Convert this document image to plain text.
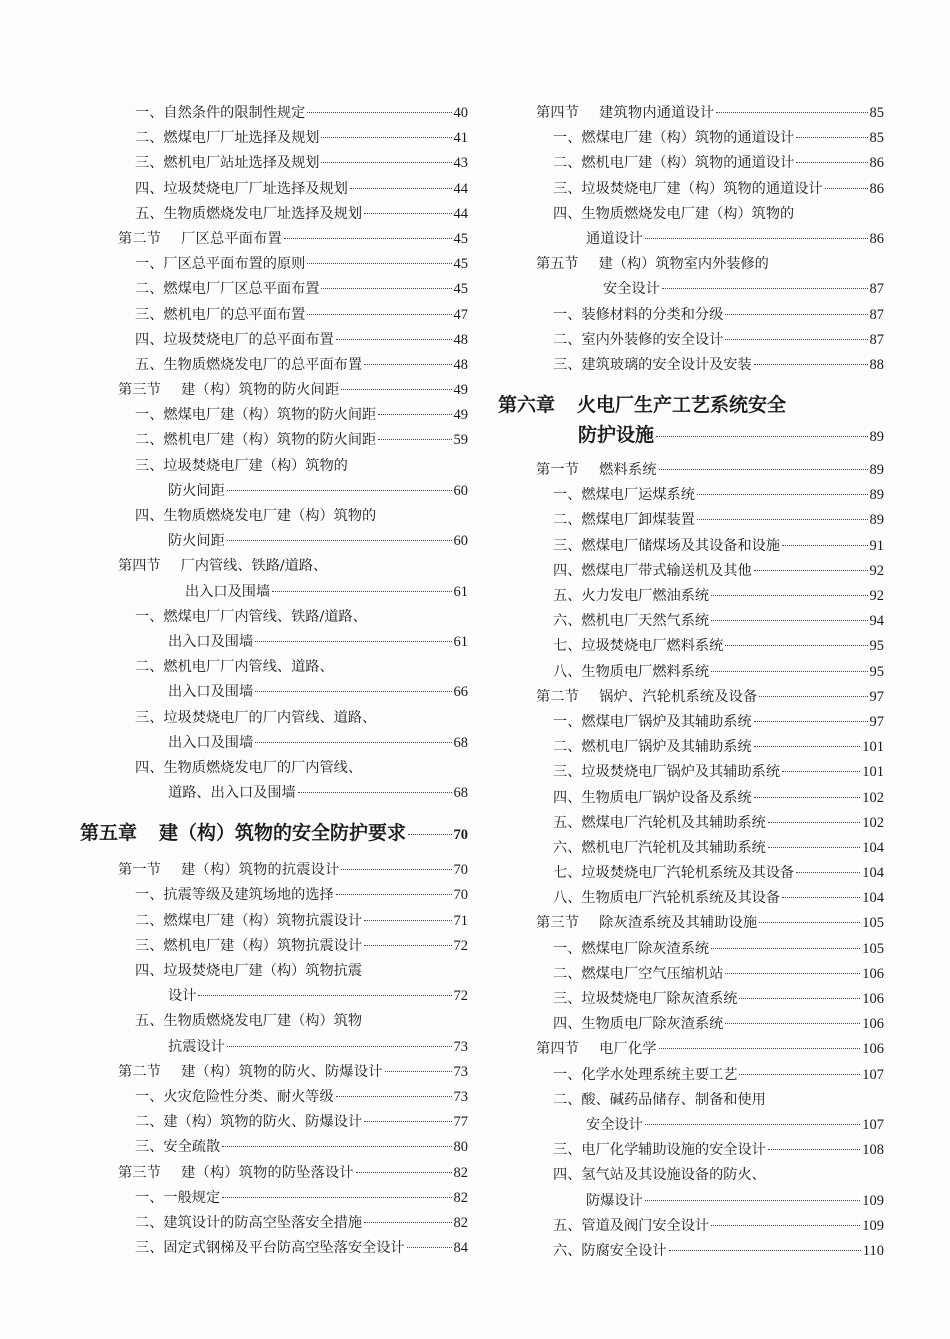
一、自然条件的限制性规定	40
二、燃煤电厂厂址选择及规划	41
三、燃机电厂站址选择及规划	43
四、垃圾焚烧电厂厂址选择及规划	44
五、生物质燃烧发电厂址选择及规划	44
第二节 厂区总平面布置	45
一、厂区总平面布置的原则	45
二、燃煤电厂厂区总平面布置	45
三、燃机电厂的总平面布置	47
四、垃圾焚烧电厂的总平面布置	48
五、生物质燃烧发电厂的总平面布置	48
第三节 建（构）筑物的防火间距	49
一、燃煤电厂建（构）筑物的防火间距	49
二、燃机电厂建（构）筑物的防火间距	59
三、垃圾焚烧电厂建（构）筑物的
防火间距	60
四、生物质燃烧发电厂建（构）筑物的
防火间距	60
第四节 厂内管线、铁路/道路、
出入口及围墙	61
一、燃煤电厂厂内管线、铁路/道路、
出入口及围墙	61
二、燃机电厂厂内管线、道路、
出入口及围墙	66
三、垃圾焚烧电厂的厂内管线、道路、
出入口及围墙	68
四、生物质燃烧发电厂的厂内管线、
道路、出入口及围墙	68
第五章 建（构）筑物的安全防护要求	70
第一节 建（构）筑物的抗震设计	70
一、抗震等级及建筑场地的选择	70
二、燃煤电厂建（构）筑物抗震设计	71
三、燃机电厂建（构）筑物抗震设计	72
四、垃圾焚烧电厂建（构）筑物抗震
设计	72
五、生物质燃烧发电厂建（构）筑物
抗震设计	73
第二节 建（构）筑物的防火、防爆设计	73
一、火灾危险性分类、耐火等级	73
二、建（构）筑物的防火、防爆设计	77
三、安全疏散	80
第三节 建（构）筑物的防坠落设计	82
一、一般规定	82
二、建筑设计的防高空坠落安全措施	82
三、固定式钢梯及平台防高空坠落安全设计	84
第四节 建筑物内通道设计	85
一、燃煤电厂建（构）筑物的通道设计	85
二、燃机电厂建（构）筑物的通道设计	86
三、垃圾焚烧电厂建（构）筑物的通道设计	86
四、生物质燃烧发电厂建（构）筑物的
通道设计	86
第五节 建（构）筑物室内外装修的
安全设计	87
一、装修材料的分类和分级	87
二、室内外装修的安全设计	87
三、建筑玻璃的安全设计及安装	88
第六章 火电厂生产工艺系统安全
防护设施	89
第一节 燃料系统	89
一、燃煤电厂运煤系统	89
二、燃煤电厂卸煤装置	89
三、燃煤电厂储煤场及其设备和设施	91
四、燃煤电厂带式输送机及其他	92
五、火力发电厂燃油系统	92
六、燃机电厂天然气系统	94
七、垃圾焚烧电厂燃料系统	95
八、生物质电厂燃料系统	95
第二节 锅炉、汽轮机系统及设备	97
一、燃煤电厂锅炉及其辅助系统	97
二、燃机电厂锅炉及其辅助系统	101
三、垃圾焚烧电厂锅炉及其辅助系统	101
四、生物质电厂锅炉设备及系统	102
五、燃煤电厂汽轮机及其辅助系统	102
六、燃机电厂汽轮机及其辅助系统	104
七、垃圾焚烧电厂汽轮机系统及其设备	104
八、生物质电厂汽轮机系统及其设备	104
第三节 除灰渣系统及其辅助设施	105
一、燃煤电厂除灰渣系统	105
二、燃煤电厂空气压缩机站	106
三、垃圾焚烧电厂除灰渣系统	106
四、生物质电厂除灰渣系统	106
第四节 电厂化学	106
一、化学水处理系统主要工艺	107
二、酸、碱药品储存、制备和使用
安全设计	107
三、电厂化学辅助设施的安全设计	108
四、氢气站及其设施设备的防火、
防爆设计	109
五、管道及阀门安全设计	109
六、防腐安全设计	110
